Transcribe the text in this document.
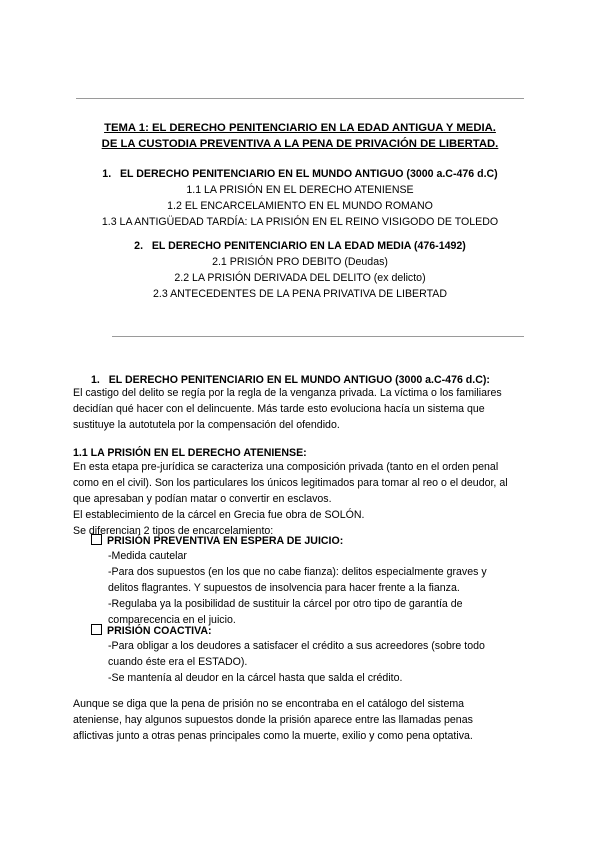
TEMA 1: EL DERECHO PENITENCIARIO EN LA EDAD ANTIGUA Y MEDIA.
DE LA CUSTODIA PREVENTIVA A LA PENA DE PRIVACIÓN DE LIBERTAD.
1. EL DERECHO PENITENCIARIO EN EL MUNDO ANTIGUO (3000 a.C-476 d.C)
1.1 LA PRISIÓN EN EL DERECHO ATENIENSE
1.2 EL ENCARCELAMIENTO EN EL MUNDO ROMANO
1.3 LA ANTIGÜEDAD TARDÍA: LA PRISIÓN EN EL REINO VISIGODO DE TOLEDO
2. EL DERECHO PENITENCIARIO EN LA EDAD MEDIA (476-1492)
2.1 PRISIÓN PRO DEBITO (Deudas)
2.2 LA PRISIÓN DERIVADA DEL DELITO (ex delicto)
2.3 ANTECEDENTES DE LA PENA PRIVATIVA DE LIBERTAD
1. EL DERECHO PENITENCIARIO EN EL MUNDO ANTIGUO (3000 a.C-476 d.C):
El castigo del delito se regía por la regla de la venganza privada. La víctima o los familiares
decidían qué hacer con el delincuente. Más tarde esto evoluciona hacía un sistema que
sustituye la autotutela por la compensación del ofendido.
1.1 LA PRISIÓN EN EL DERECHO ATENIENSE:
En esta etapa pre-jurídica se caracteriza una composición privada (tanto en el orden penal
como en el civil). Son los particulares los únicos legitimados para tomar al reo o el deudor, al
que apresaban y podían matar o convertir en esclavos.
El establecimiento de la cárcel en Grecia fue obra de SOLÓN.
Se diferencian 2 tipos de encarcelamiento:
PRISIÓN PREVENTIVA EN ESPERA DE JUICIO:
-Medida cautelar
-Para dos supuestos (en los que no cabe fianza): delitos especialmente graves y
delitos flagrantes. Y supuestos de insolvencia para hacer frente a la fianza.
-Regulaba ya la posibilidad de sustituir la cárcel por otro tipo de garantía de
comparecencia en el juicio.
PRISIÓN COACTIVA:
-Para obligar a los deudores a satisfacer el crédito a sus acreedores (sobre todo
cuando éste era el ESTADO).
-Se mantenía al deudor en la cárcel hasta que salda el crédito.
Aunque se diga que la pena de prisión no se encontraba en el catálogo del sistema
ateniense, hay algunos supuestos donde la prisión aparece entre las llamadas penas
aflictivas junto a otras penas principales como la muerte, exilio y como pena optativa.
